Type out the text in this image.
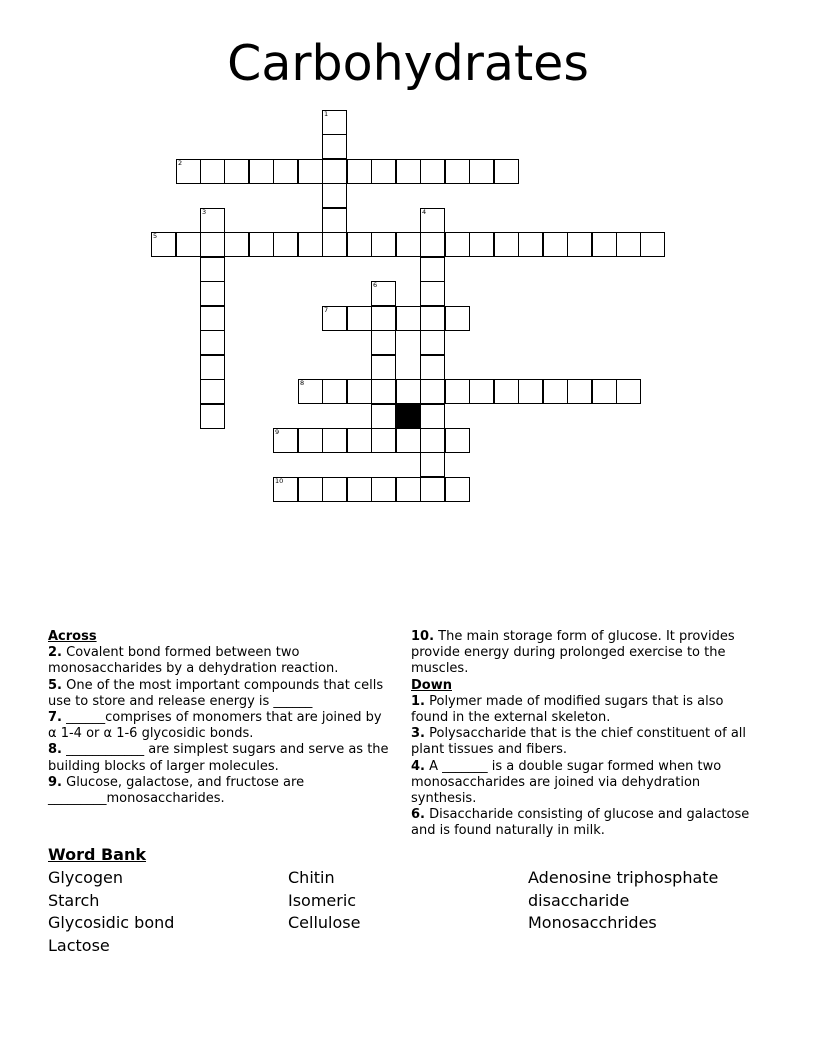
Carbohydrates
1
2
3	4
5
6
7
8
9
10
Across
2. Covalent bond formed between two monosaccharides by a dehydration reaction.
5. One of the most important compounds that cells use to store and release energy is ______
7. ______comprises of monomers that are joined by α 1-4 or α 1-6 glycosidic bonds.
8. ____________ are simplest sugars and serve as the building blocks of larger molecules.
9. Glucose, galactose, and fructose are _________monosaccharides.
10. The main storage form of glucose. It provides provide energy during prolonged exercise to the muscles.
Down
1. Polymer made of modified sugars that is also found in the external skeleton.
3. Polysaccharide that is the chief constituent of all plant tissues and fibers.
4. A _______ is a double sugar formed when two monosaccharides are joined via dehydration synthesis.
6. Disaccharide consisting of glucose and galactose and is found naturally in milk.
Word Bank
Glycogen
Starch
Glycosidic bond
Lactose
Chitin
Isomeric
Cellulose
Adenosine triphosphate
disaccharide
Monosacchrides
